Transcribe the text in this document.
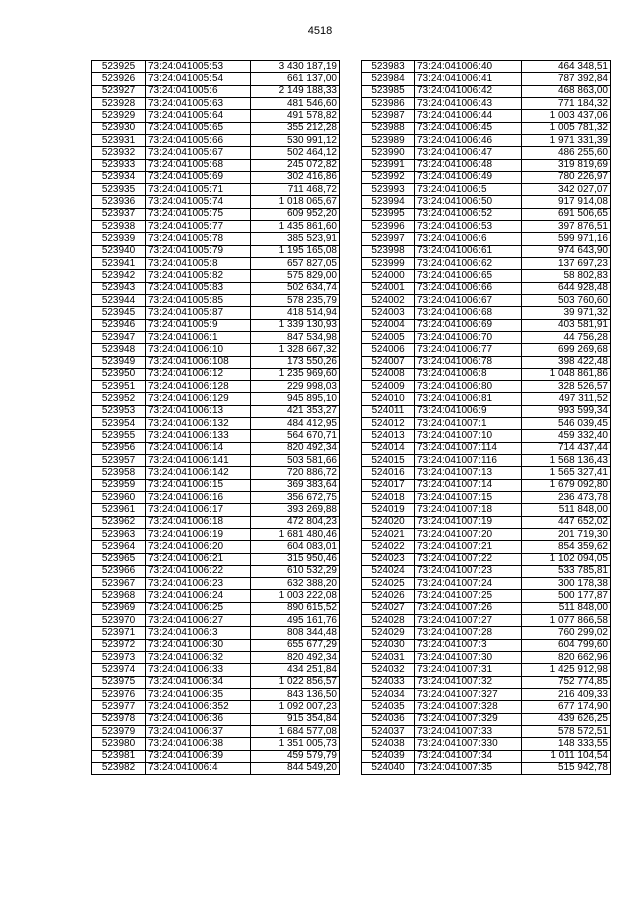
4518
523925	73:24:041005:53	3 430 187,19
523926	73:24:041005:54	661 137,00
523927	73:24:041005:6	2 149 188,33
523928	73:24:041005:63	481 546,60
523929	73:24:041005:64	491 578,82
523930	73:24:041005:65	355 212,28
523931	73:24:041005:66	530 991,12
523932	73:24:041005:67	502 464,12
523933	73:24:041005:68	245 072,82
523934	73:24:041005:69	302 416,86
523935	73:24:041005:71	711 468,72
523936	73:24:041005:74	1 018 065,67
523937	73:24:041005:75	609 952,20
523938	73:24:041005:77	1 435 861,60
523939	73:24:041005:78	385 523,91
523940	73:24:041005:79	1 195 165,08
523941	73:24:041005:8	657 827,05
523942	73:24:041005:82	575 829,00
523943	73:24:041005:83	502 634,74
523944	73:24:041005:85	578 235,79
523945	73:24:041005:87	418 514,94
523946	73:24:041005:9	1 339 130,93
523947	73:24:041006:1	847 534,98
523948	73:24:041006:10	1 328 667,32
523949	73:24:041006:108	173 550,26
523950	73:24:041006:12	1 235 969,60
523951	73:24:041006:128	229 998,03
523952	73:24:041006:129	945 895,10
523953	73:24:041006:13	421 353,27
523954	73:24:041006:132	484 412,95
523955	73:24:041006:133	564 670,71
523956	73:24:041006:14	820 492,34
523957	73:24:041006:141	503 581,66
523958	73:24:041006:142	720 886,72
523959	73:24:041006:15	369 383,64
523960	73:24:041006:16	356 672,75
523961	73:24:041006:17	393 269,88
523962	73:24:041006:18	472 804,23
523963	73:24:041006:19	1 681 480,46
523964	73:24:041006:20	604 083,01
523965	73:24:041006:21	315 950,46
523966	73:24:041006:22	610 532,29
523967	73:24:041006:23	632 388,20
523968	73:24:041006:24	1 003 222,08
523969	73:24:041006:25	890 615,52
523970	73:24:041006:27	495 161,76
523971	73:24:041006:3	808 344,48
523972	73:24:041006:30	655 677,29
523973	73:24:041006:32	820 492,34
523974	73:24:041006:33	434 251,84
523975	73:24:041006:34	1 022 856,57
523976	73:24:041006:35	843 136,50
523977	73:24:041006:352	1 092 007,23
523978	73:24:041006:36	915 354,84
523979	73:24:041006:37	1 684 577,08
523980	73:24:041006:38	1 351 005,73
523981	73:24:041006:39	459 579,79
523982	73:24:041006:4	844 549,20
523983	73:24:041006:40	464 348,51
523984	73:24:041006:41	787 392,84
523985	73:24:041006:42	468 863,00
523986	73:24:041006:43	771 184,32
523987	73:24:041006:44	1 003 437,06
523988	73:24:041006:45	1 005 781,32
523989	73:24:041006:46	1 971 331,39
523990	73:24:041006:47	486 255,60
523991	73:24:041006:48	319 819,69
523992	73:24:041006:49	780 226,97
523993	73:24:041006:5	342 027,07
523994	73:24:041006:50	917 914,08
523995	73:24:041006:52	691 506,65
523996	73:24:041006:53	397 876,51
523997	73:24:041006:6	599 971,16
523998	73:24:041006:61	974 643,90
523999	73:24:041006:62	137 697,23
524000	73:24:041006:65	58 802,83
524001	73:24:041006:66	644 928,48
524002	73:24:041006:67	503 760,60
524003	73:24:041006:68	39 971,32
524004	73:24:041006:69	403 581,91
524005	73:24:041006:70	44 756,28
524006	73:24:041006:77	699 269,68
524007	73:24:041006:78	398 422,48
524008	73:24:041006:8	1 048 861,86
524009	73:24:041006:80	328 526,57
524010	73:24:041006:81	497 311,52
524011	73:24:041006:9	993 599,34
524012	73:24:041007:1	546 039,45
524013	73:24:041007:10	459 332,40
524014	73:24:041007:114	714 437,44
524015	73:24:041007:116	1 568 136,43
524016	73:24:041007:13	1 565 327,41
524017	73:24:041007:14	1 679 092,80
524018	73:24:041007:15	236 473,78
524019	73:24:041007:18	511 848,00
524020	73:24:041007:19	447 652,02
524021	73:24:041007:20	201 719,30
524022	73:24:041007:21	854 359,62
524023	73:24:041007:22	1 102 094,05
524024	73:24:041007:23	533 785,81
524025	73:24:041007:24	300 178,38
524026	73:24:041007:25	500 177,87
524027	73:24:041007:26	511 848,00
524028	73:24:041007:27	1 077 866,58
524029	73:24:041007:28	760 299,02
524030	73:24:041007:3	604 799,60
524031	73:24:041007:30	820 662,96
524032	73:24:041007:31	1 425 912,98
524033	73:24:041007:32	752 774,85
524034	73:24:041007:327	216 409,33
524035	73:24:041007:328	677 174,90
524036	73:24:041007:329	439 626,25
524037	73:24:041007:33	578 572,51
524038	73:24:041007:330	148 333,55
524039	73:24:041007:34	1 011 104,54
524040	73:24:041007:35	515 942,78
